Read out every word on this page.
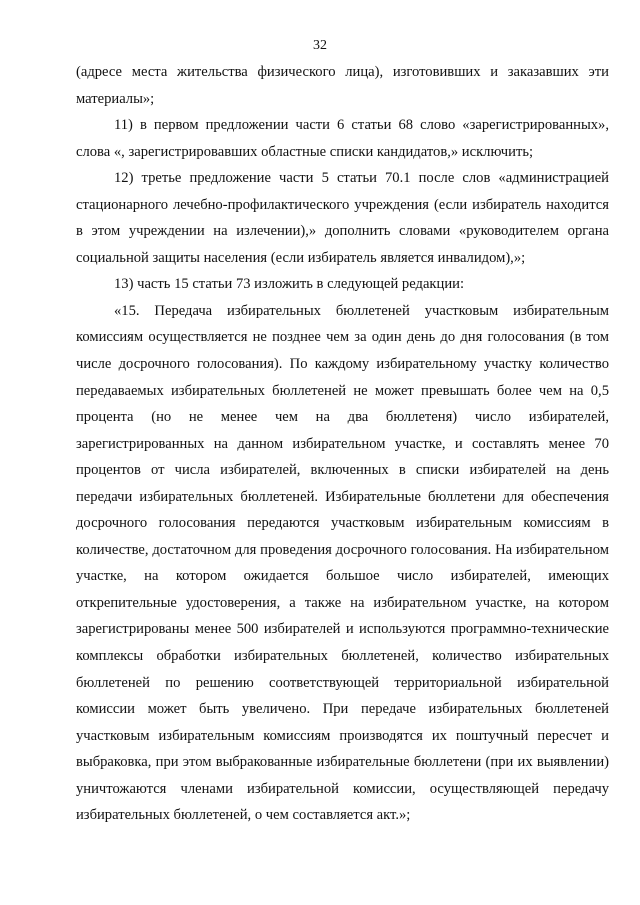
32

(адресе места жительства физического лица), изготовивших и заказавших эти материалы»;

11) в первом предложении части 6 статьи 68 слово «зарегистрированных», слова «, зарегистрировавших областные списки кандидатов,» исключить;

12) третье предложение части 5 статьи 70.1 после слов «администрацией стационарного лечебно-профилактического учреждения (если избиратель находится в этом учреждении на излечении),» дополнить словами «руководителем органа социальной защиты населения (если избиратель является инвалидом),»;

13) часть 15 статьи 73 изложить в следующей редакции:

«15. Передача избирательных бюллетеней участковым избирательным комиссиям осуществляется не позднее чем за один день до дня голосования (в том числе досрочного голосования). По каждому избирательному участку количество передаваемых избирательных бюллетеней не может превышать более чем на 0,5 процента (но не менее чем на два бюллетеня) число избирателей, зарегистрированных на данном избирательном участке, и составлять менее 70 процентов от числа избирателей, включенных в списки избирателей на день передачи избирательных бюллетеней. Избирательные бюллетени для обеспечения досрочного голосования передаются участковым избирательным комиссиям в количестве, достаточном для проведения досрочного голосования. На избирательном участке, на котором ожидается большое число избирателей, имеющих открепительные удостоверения, а также на избирательном участке, на котором зарегистрированы менее 500 избирателей и используются программно-технические комплексы обработки избирательных бюллетеней, количество избирательных бюллетеней по решению соответствующей территориальной избирательной комиссии может быть увеличено. При передаче избирательных бюллетеней участковым избирательным комиссиям производятся их поштучный пересчет и выбраковка, при этом выбракованные избирательные бюллетени (при их выявлении) уничтожаются членами избирательной комиссии, осуществляющей передачу избирательных бюллетеней, о чем составляется акт.»;
